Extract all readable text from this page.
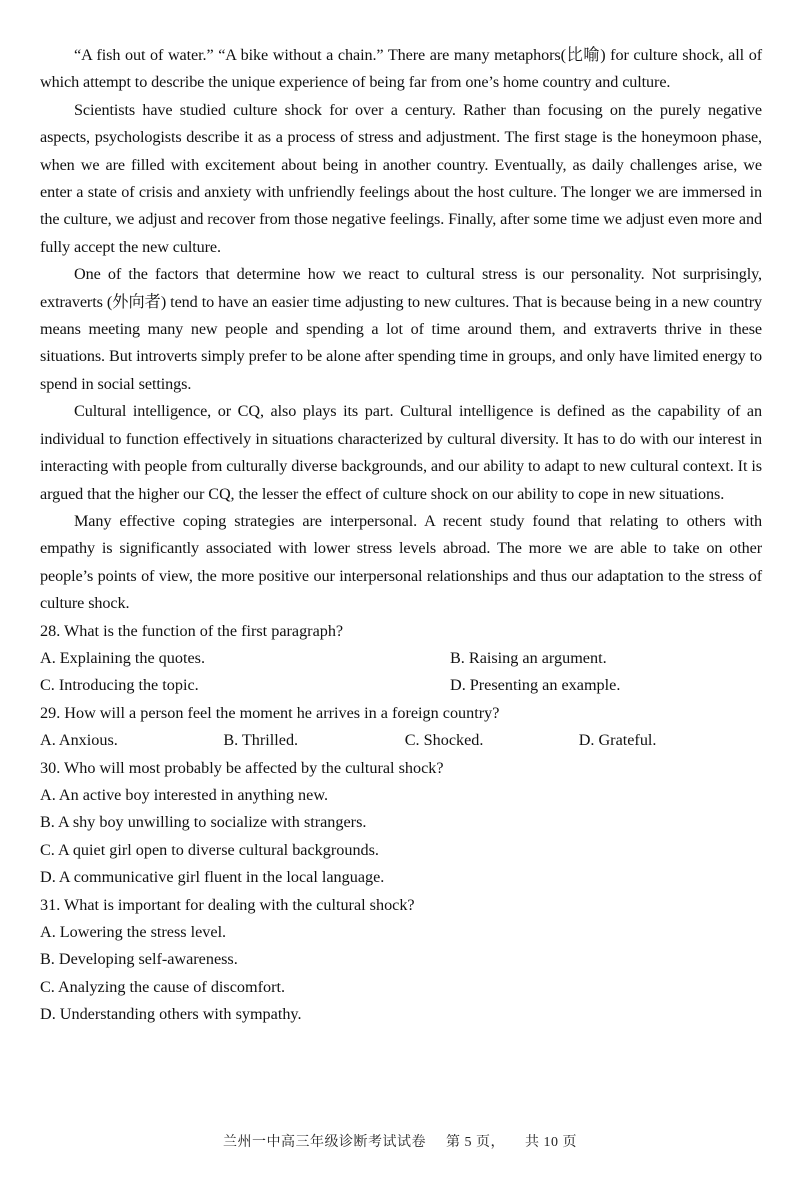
“A fish out of water.” “A bike without a chain.” There are many metaphors(比喻) for culture shock, all of which attempt to describe the unique experience of being far from one’s home country and culture.

Scientists have studied culture shock for over a century. Rather than focusing on the purely negative aspects, psychologists describe it as a process of stress and adjustment. The first stage is the honeymoon phase, when we are filled with excitement about being in another country. Eventually, as daily challenges arise, we enter a state of crisis and anxiety with unfriendly feelings about the host culture. The longer we are immersed in the culture, we adjust and recover from those negative feelings. Finally, after some time we adjust even more and fully accept the new culture.

One of the factors that determine how we react to cultural stress is our personality. Not surprisingly, extraverts (外向者) tend to have an easier time adjusting to new cultures. That is because being in a new country means meeting many new people and spending a lot of time around them, and extraverts thrive in these situations. But introverts simply prefer to be alone after spending time in groups, and only have limited energy to spend in social settings.

Cultural intelligence, or CQ, also plays its part. Cultural intelligence is defined as the capability of an individual to function effectively in situations characterized by cultural diversity. It has to do with our interest in interacting with people from culturally diverse backgrounds, and our ability to adapt to new cultural context. It is argued that the higher our CQ, the lesser the effect of culture shock on our ability to cope in new situations.

Many effective coping strategies are interpersonal. A recent study found that relating to others with empathy is significantly associated with lower stress levels abroad. The more we are able to take on other people’s points of view, the more positive our interpersonal relationships and thus our adaptation to the stress of culture shock.

28. What is the function of the first paragraph?

A. Explaining the quotes.	B. Raising an argument.
C. Introducing the topic.	D. Presenting an example.

29. How will a person feel the moment he arrives in a foreign country?

A. Anxious.	B. Thrilled.	C. Shocked.	D. Grateful.

30. Who will most probably be affected by the cultural shock?

A. An active boy interested in anything new.

B. A shy boy unwilling to socialize with strangers.

C. A quiet girl open to diverse cultural backgrounds.

D. A communicative girl fluent in the local language.

31. What is important for dealing with the cultural shock?

A. Lowering the stress level.

B. Developing self-awareness.

C. Analyzing the cause of discomfort.

D. Understanding others with sympathy.

兰州一中高三年级诊断考试试卷 第 5 页， 共 10 页
